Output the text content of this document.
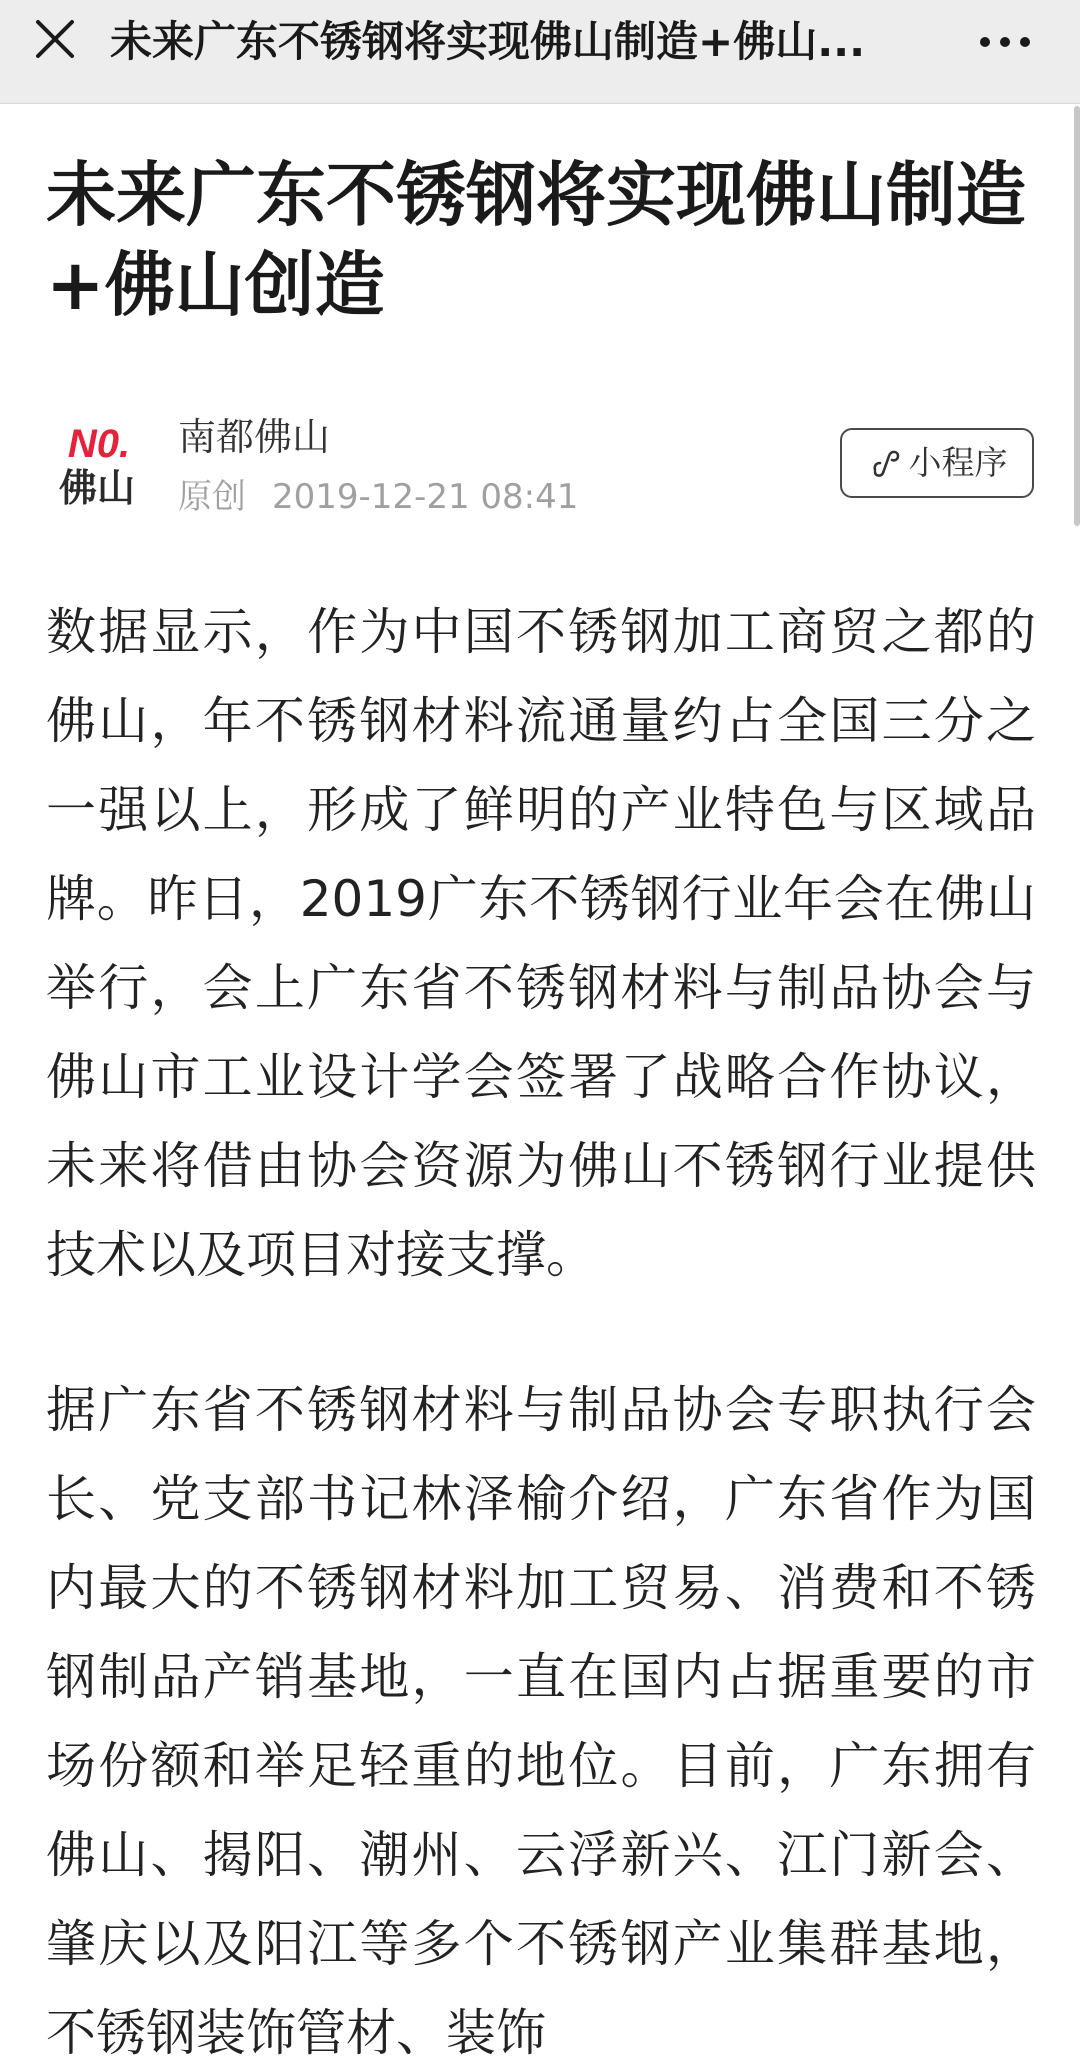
未来广东不锈钢将实现佛山制造+佛山...
未来广东不锈钢将实现佛山制造+佛山创造
N0.
佛山
南都佛山
原创 2019-12-21 08:41
小程序

数据显示，作为中国不锈钢加工商贸之都的佛山，年不锈钢材料流通量约占全国三分之一强以上，形成了鲜明的产业特色与区域品牌。昨日，2019广东不锈钢行业年会在佛山举行，会上广东省不锈钢材料与制品协会与佛山市工业设计学会签署了战略合作协议，未来将借由协会资源为佛山不锈钢行业提供技术以及项目对接支撑。

据广东省不锈钢材料与制品协会专职执行会长、党支部书记林泽榆介绍，广东省作为国内最大的不锈钢材料加工贸易、消费和不锈钢制品产销基地，一直在国内占据重要的市场份额和举足轻重的地位。目前，广东拥有佛山、揭阳、潮州、云浮新兴、江门新会、肇庆以及阳江等多个不锈钢产业集群基地，不锈钢装饰管材、装饰
